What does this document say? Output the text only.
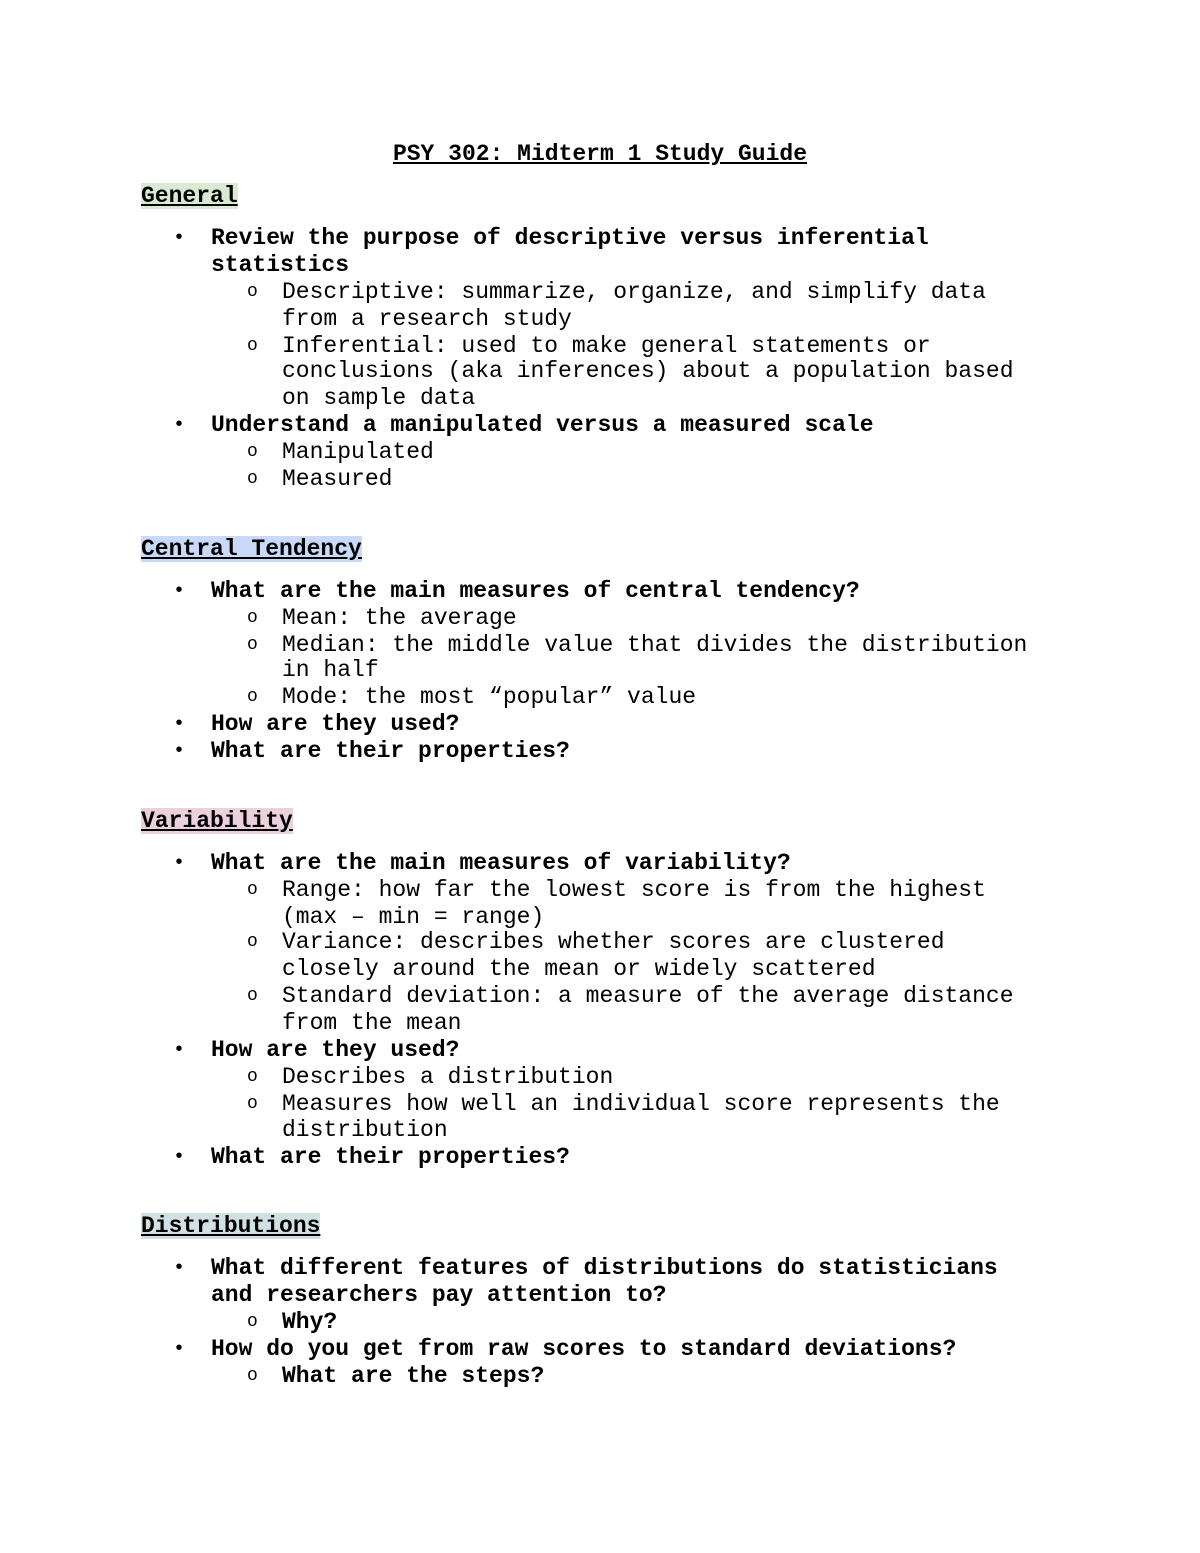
PSY 302: Midterm 1 Study Guide
General
• Review the purpose of descriptive versus inferential
statistics
o Descriptive: summarize, organize, and simplify data
from a research study
o Inferential: used to make general statements or
conclusions (aka inferences) about a population based
on sample data
• Understand a manipulated versus a measured scale
o Manipulated
o Measured
Central Tendency
• What are the main measures of central tendency?
o Mean: the average
o Median: the middle value that divides the distribution
in half
o Mode: the most “popular” value
• How are they used?
• What are their properties?
Variability
• What are the main measures of variability?
o Range: how far the lowest score is from the highest
(max – min = range)
o Variance: describes whether scores are clustered
closely around the mean or widely scattered
o Standard deviation: a measure of the average distance
from the mean
• How are they used?
o Describes a distribution
o Measures how well an individual score represents the
distribution
• What are their properties?
Distributions
• What different features of distributions do statisticians
and researchers pay attention to?
o Why?
• How do you get from raw scores to standard deviations?
o What are the steps?
